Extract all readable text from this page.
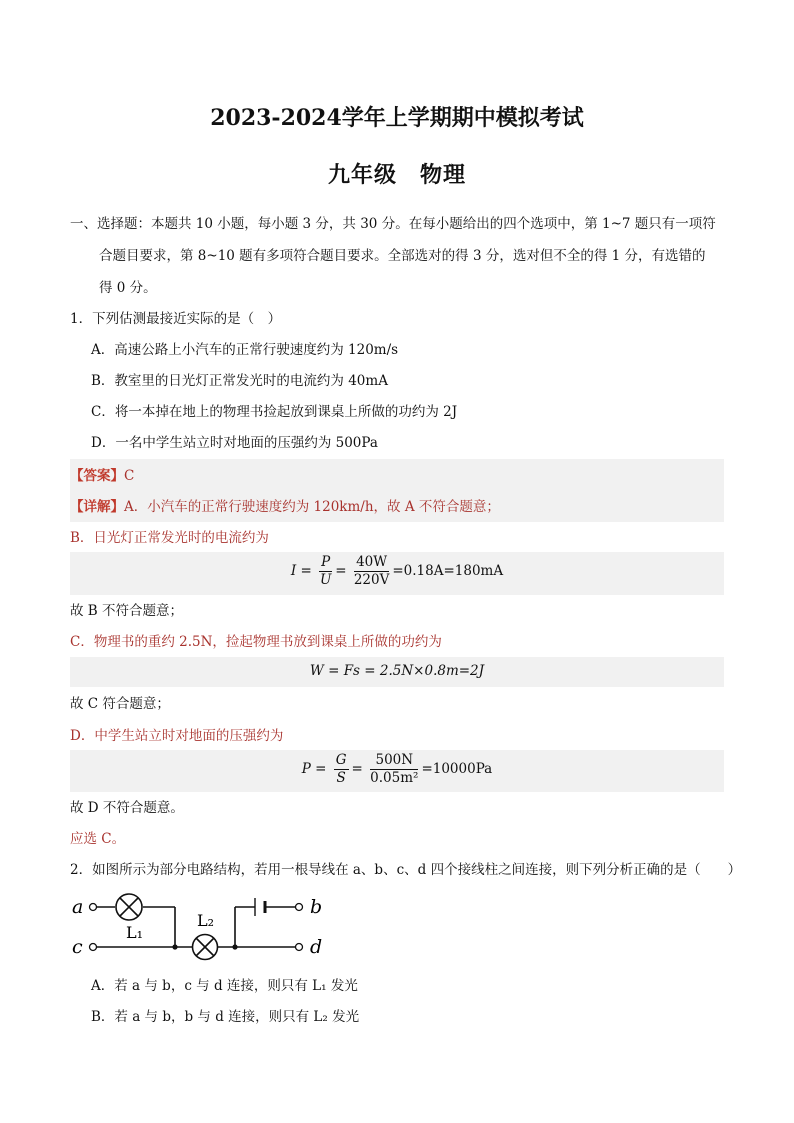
2023-2024学年上学期期中模拟考试
九年级　物理
一、选择题：本题共 10 小题，每小题 3 分，共 30 分。在每小题给出的四个选项中，第 1~7 题只有一项符
合题目要求，第 8~10 题有多项符合题目要求。全部选对的得 3 分，选对但不全的得 1 分，有选错的
得 0 分。
1．下列估测最接近实际的是（　）
A．高速公路上小汽车的正常行驶速度约为 120m/s
B．教室里的日光灯正常发光时的电流约为 40mA
C．将一本掉在地上的物理书捡起放到课桌上所做的功约为 2J
D．一名中学生站立时对地面的压强约为 500Pa
【答案】C
【详解】A．小汽车的正常行驶速度约为 120km/h，故 A 不符合题意；
B．日光灯正常发光时的电流约为
$I = \frac{P}{U} = \frac{40W}{220V} =0.18A=180mA$
故 B 不符合题意；
C．物理书的重约 2.5N，捡起物理书放到课桌上所做的功约为
W = Fs = 2.5N×0.8m=2J
故 C 符合题意；
D．中学生站立时对地面的压强约为
$P = \frac{G}{S} = \frac{500N}{\text{0.05m²}} =10000Pa$
故 D 不符合题意。
应选 C。
2．如图所示为部分电路结构，若用一根导线在 a、b、c、d 四个接线柱之间连接，则下列分析正确的是（　　）
a
c
b
d
L₁
L₂
A．若 a 与 b，c 与 d 连接，则只有 L₁ 发光
B．若 a 与 b，b 与 d 连接，则只有 L₂ 发光
